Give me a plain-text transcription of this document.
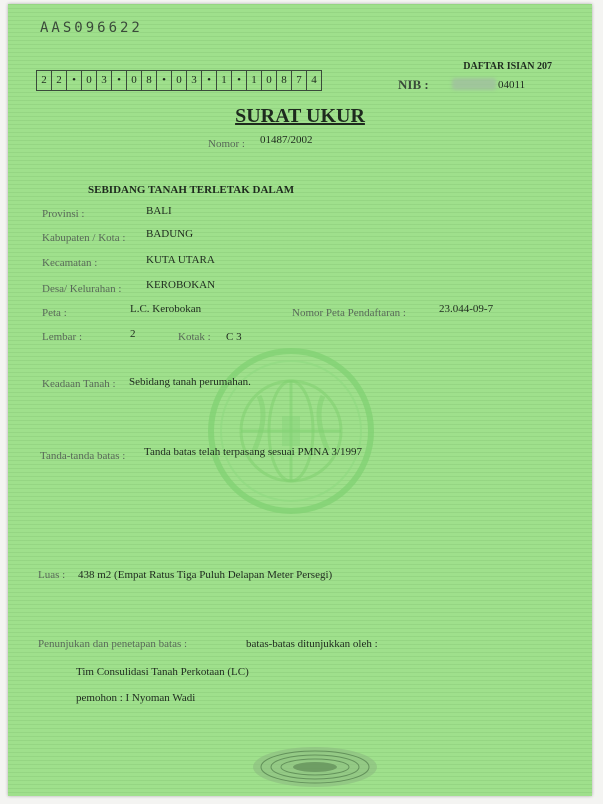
AAS096622
2 2 • 0 3 • 0 8 • 0 3 • 1 • 1 0 8 7 4
DAFTAR ISIAN 207
NIB :	04011
SURAT UKUR
Nomor : 01487/2002
SEBIDANG TANAH TERLETAK DALAM
Provinsi :	BALI
Kabupaten / Kota : BADUNG
Kecamatan :	KUTA UTARA
Desa/ Kelurahan : KEROBOKAN
Peta :	L.C. Kerobokan	Nomor Peta Pendaftaran :	23.044-09-7
Lembar :	2	Kotak : C 3
Keadaan Tanah : Sebidang tanah perumahan.
Tanda-tanda batas : Tanda batas telah terpasang sesuai PMNA 3/1997
Luas : 438 m2 (Empat Ratus Tiga Puluh Delapan Meter Persegi)
Penunjukan dan penetapan batas :	batas-batas ditunjukkan oleh :
Tim Consulidasi Tanah Perkotaan (LC)
pemohon : I Nyoman Wadi
